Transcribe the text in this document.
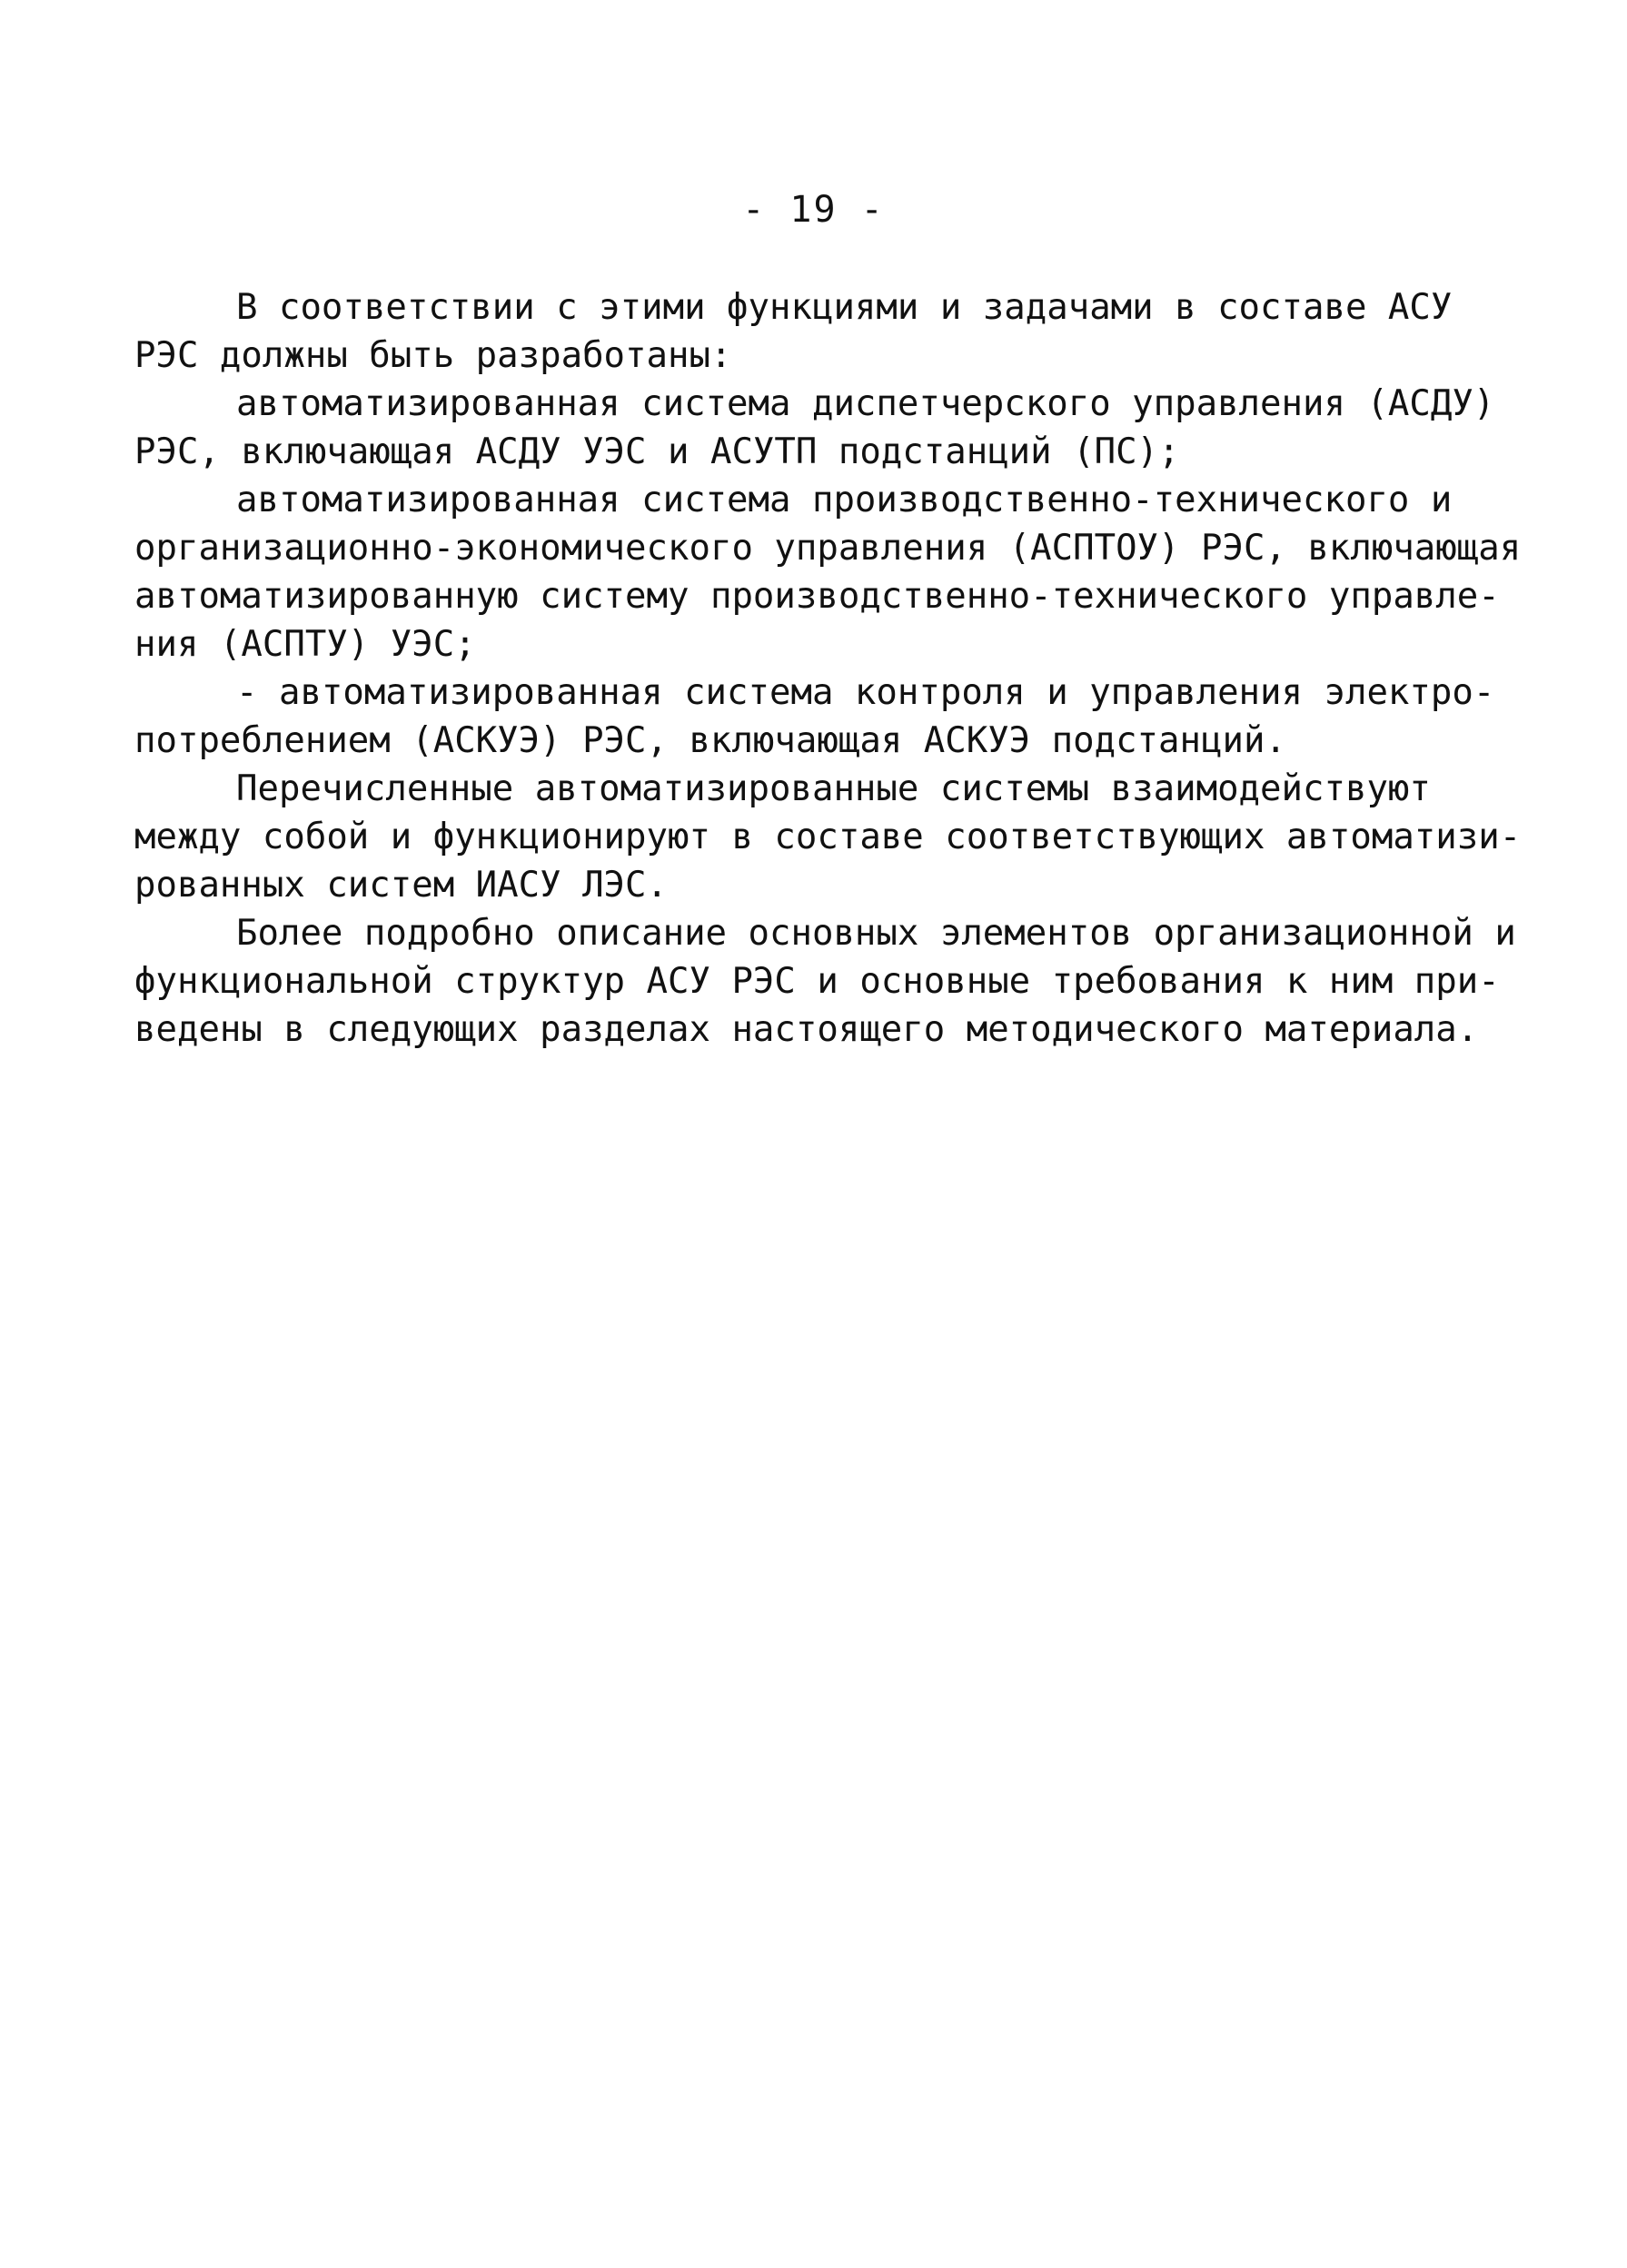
- 19 -
В соответствии с этими функциями и задачами в составе АСУ
РЭС должны быть разработаны:
автоматизированная система диспетчерского управления (АСДУ)
РЭС, включающая АСДУ УЭС и АСУТП подстанций (ПС);
автоматизированная система производственно-технического и
организационно-экономического управления (АСПТОУ) РЭС, включающая
автоматизированную систему производственно-технического управле-
ния (АСПТУ) УЭС;
- автоматизированная система контроля и управления электро-
потреблением (АСКУЭ) РЭС, включающая АСКУЭ подстанций.
Перечисленные автоматизированные системы взаимодействуют
между собой и функционируют в составе соответствующих автоматизи-
рованных систем ИАСУ ЛЭС.
Более подробно описание основных элементов организационной и
функциональной структур АСУ РЭС и основные требования к ним при-
ведены в следующих разделах настоящего методического материала.
